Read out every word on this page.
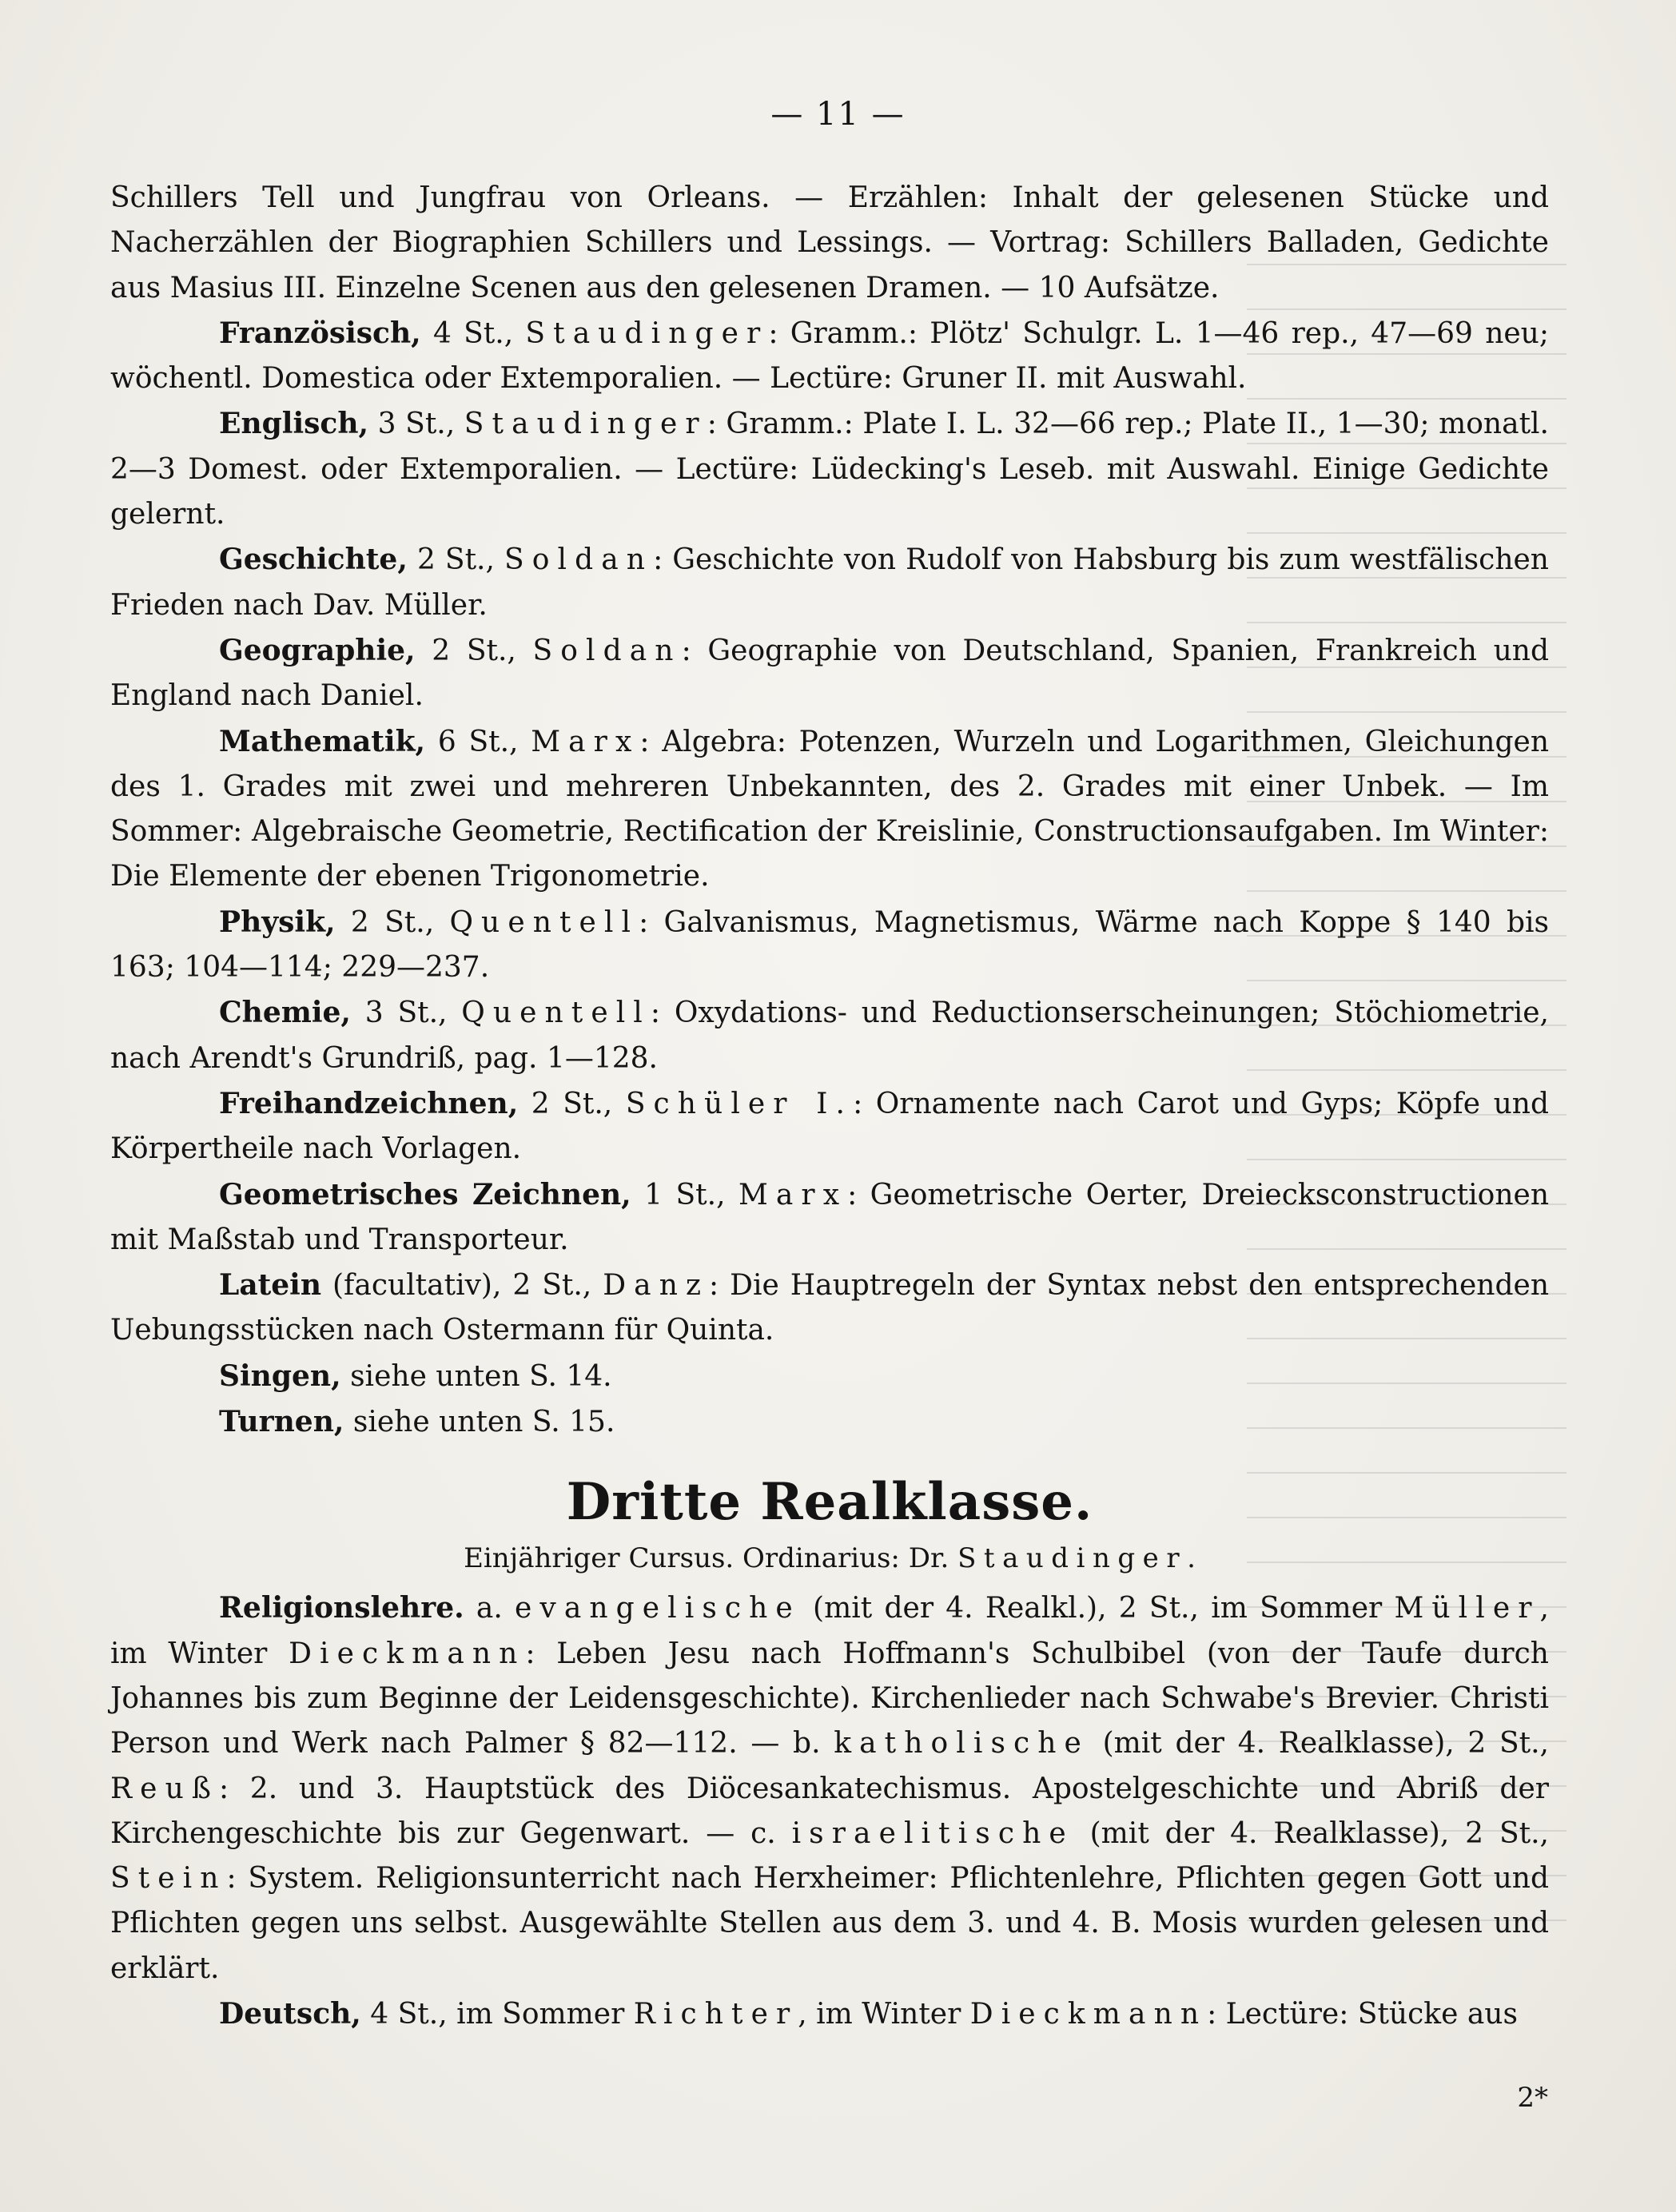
— 11 —

Schillers Tell und Jungfrau von Orleans. — Erzählen: Inhalt der gelesenen Stücke und Nacherzählen der Biographien Schillers und Lessings. — Vortrag: Schillers Balladen, Gedichte aus Masius III. Einzelne Scenen aus den gelesenen Dramen. — 10 Aufsätze.

Französisch, 4 St., Staudinger: Gramm.: Plötz' Schulgr. L. 1—46 rep., 47—69 neu; wöchentl. Domestica oder Extemporalien. — Lectüre: Gruner II. mit Auswahl.

Englisch, 3 St., Staudinger: Gramm.: Plate I. L. 32—66 rep.; Plate II., 1—30; monatl. 2—3 Domest. oder Extemporalien. — Lectüre: Lüdecking's Leseb. mit Auswahl. Einige Gedichte gelernt.

Geschichte, 2 St., Soldan: Geschichte von Rudolf von Habsburg bis zum westfälischen Frieden nach Dav. Müller.

Geographie, 2 St., Soldan: Geographie von Deutschland, Spanien, Frankreich und England nach Daniel.

Mathematik, 6 St., Marx: Algebra: Potenzen, Wurzeln und Logarithmen, Gleichungen des 1. Grades mit zwei und mehreren Unbekannten, des 2. Grades mit einer Unbek. — Im Sommer: Algebraische Geometrie, Rectification der Kreislinie, Constructionsaufgaben. Im Winter: Die Elemente der ebenen Trigonometrie.

Physik, 2 St., Quentell: Galvanismus, Magnetismus, Wärme nach Koppe § 140 bis 163; 104—114; 229—237.

Chemie, 3 St., Quentell: Oxydations- und Reductionserscheinungen; Stöchiometrie, nach Arendt's Grundriß, pag. 1—128.

Freihandzeichnen, 2 St., Schüler I.: Ornamente nach Carot und Gyps; Köpfe und Körpertheile nach Vorlagen.

Geometrisches Zeichnen, 1 St., Marx: Geometrische Oerter, Dreiecksconstructionen mit Maßstab und Transporteur.

Latein (facultativ), 2 St., Danz: Die Hauptregeln der Syntax nebst den entsprechenden Uebungsstücken nach Ostermann für Quinta.

Singen, siehe unten S. 14.

Turnen, siehe unten S. 15.

Dritte Realklasse.
Einjähriger Cursus. Ordinarius: Dr. Staudinger.

Religionslehre. a. evangelische (mit der 4. Realkl.), 2 St., im Sommer Müller, im Winter Dieckmann: Leben Jesu nach Hoffmann's Schulbibel (von der Taufe durch Johannes bis zum Beginne der Leidensgeschichte). Kirchenlieder nach Schwabe's Brevier. Christi Person und Werk nach Palmer § 82—112. — b. katholische (mit der 4. Realklasse), 2 St., Reuß: 2. und 3. Hauptstück des Diöcesankatechismus. Apostelgeschichte und Abriß der Kirchengeschichte bis zur Gegenwart. — c. israelitische (mit der 4. Realklasse), 2 St., Stein: System. Religionsunterricht nach Herxheimer: Pflichtenlehre, Pflichten gegen Gott und Pflichten gegen uns selbst. Ausgewählte Stellen aus dem 3. und 4. B. Mosis wurden gelesen und erklärt.

Deutsch, 4 St., im Sommer Richter, im Winter Dieckmann: Lectüre: Stücke aus

2*
